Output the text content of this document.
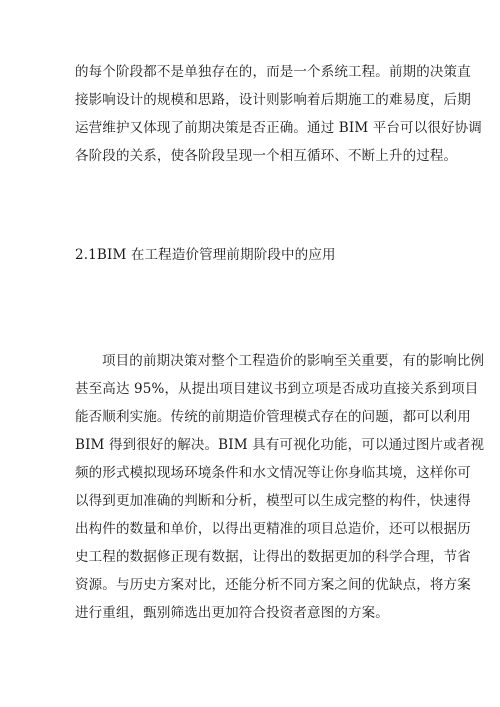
的每个阶段都不是单独存在的，而是一个系统工程。前期的决策直
接影响设计的规模和思路，设计则影响着后期施工的难易度，后期
运营维护又体现了前期决策是否正确。通过 BIM 平台可以很好协调
各阶段的关系，使各阶段呈现一个相互循环、不断上升的过程。
2.1BIM 在工程造价管理前期阶段中的应用
项目的前期决策对整个工程造价的影响至关重要，有的影响比例
甚至高达 95%，从提出项目建议书到立项是否成功直接关系到项目
能否顺利实施。传统的前期造价管理模式存在的问题，都可以利用
BIM 得到很好的解决。BIM 具有可视化功能，可以通过图片或者视
频的形式模拟现场环境条件和水文情况等让你身临其境，这样你可
以得到更加准确的判断和分析，模型可以生成完整的构件，快速得
出构件的数量和单价，以得出更精准的项目总造价，还可以根据历
史工程的数据修正现有数据，让得出的数据更加的科学合理，节省
资源。与历史方案对比，还能分析不同方案之间的优缺点，将方案
进行重组，甄别筛选出更加符合投资者意图的方案。
